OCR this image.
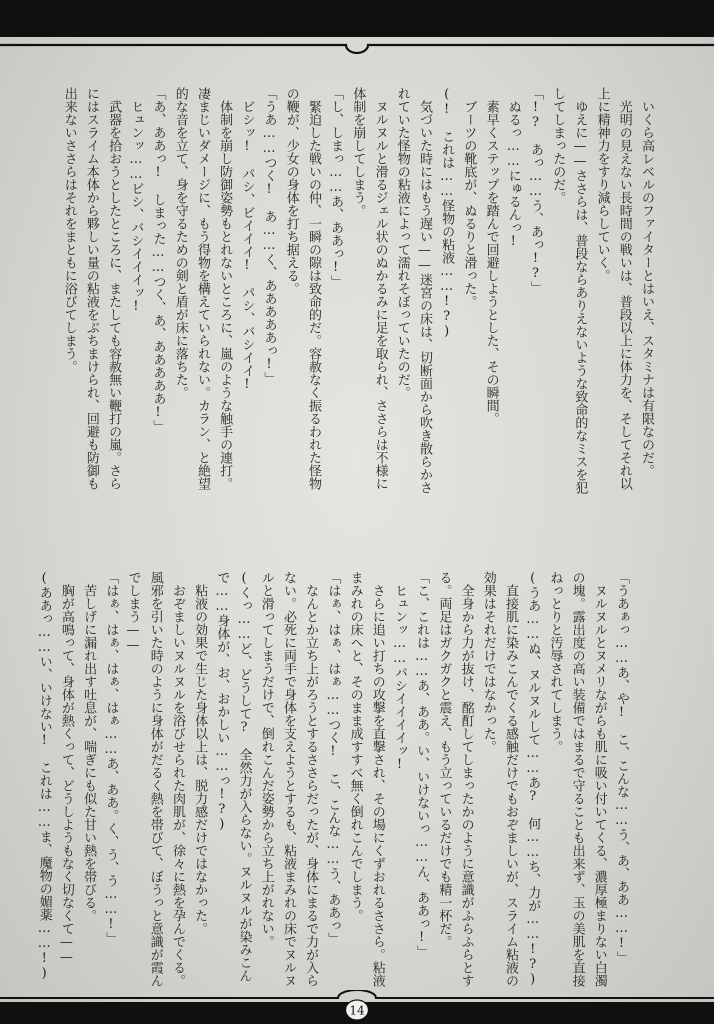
　いくら高レベルのファイターとはいえ、スタミナは有限なのだ。

　光明の見えない長時間の戦いは、普段以上に体力を、そしてそれ以上に精神力をすり減らしていく。

　ゆえに——ささらは、普段ならありえないような致命的なミスを犯してしまったのだ。

「!?　あっ……う、あっ!?」

　ぬるっ……にゅるんっ!

　素早くステップを踏んで回避しようとした、その瞬間。

　ブーツの靴底が、ぬるりと滑った。

(!　これは……怪物の粘液……!?)

　気づいた時にはもう遅い——迷宮の床は、切断面から吹き散らかされていた怪物の粘液によって濡れそぼっていたのだ。

　ヌルヌルと滑るジェル状のぬかるみに足を取られ、ささらは不様に体制を崩してしまう。

「し、しまっ……あ、ああっ!」

　緊迫した戦いの仲、一瞬の隙は致命的だ。容赦なく振るわれた怪物の鞭が、少女の身体を打ち据える。

「うあ……つく!　あ……く、あああああっ!」

　ビシッ!　パシ、ビイイイ!　パシ、バシイイ!

　体制を崩し防御姿勢もとれないところに、嵐のような触手の連打。凄まじいダメージに、もう得物を構えていられない。カラン、と絶望的な音を立て、身を守るための剣と盾が床に落ちた。

「あ、ああっ!　しまった……つく、あ、あああああ!」

　ヒュンッ……ビシ、バシイイイッ!

　武器を拾おうとしたところに、またしても容赦無い鞭打の嵐。さらにはスライム本体から夥しい量の粘液をぶちまけられ、回避も防御も出来ないささらはそれをまともに浴びてしまう。

「うあぁっ……あ、や!　こ、こんな……う、あ、ああ……!」

　ヌルヌルとヌメリながらも肌に吸い付いてくる、濃厚極まりない白濁の塊。露出度の高い装備ではまるで守ることも出来ず、玉の美肌を直接ねっとりと汚辱されてしまう。

(うあ……ぬ、ヌルヌルして……あ?　何……ち、力が……!?)

　直接肌に染みこんでくる感触だけでもおぞましいが、スライム粘液の効果はそれだけではなかった。

　全身から力が抜け、酩酊してしまったかのように意識がふらふらとする。両足はガクガクと震え、もう立っているだけでも精一杯だ。

「こ、これは……あ、ああ。い、いけないっ……ん、ああっ!」

　ヒュンッ……バシイイイイッ!

　さらに追い打ちの攻撃を直撃され、その場にくずおれるささら。粘液まみれの床へと、そのまま成すすべ無く倒れこんでしまう。

「はぁ、はぁ、はぁ……つく!　こ、こんな……う、ああっ」

　なんとか立ち上がろうとするささらだったが、身体にまるで力が入らない。必死に両手で身体を支えようとするも、粘液まみれの床でヌルヌルと滑ってしまうだけで、倒れこんだ姿勢から立ち上がれない。

(くっ……ど、どうして?　全然力が入らない。ヌルヌルが染みこんで……身体が、お、おかしい……っ!?)

　粘液の効果で生じた身体以上は、脱力感だけではなかった。

　おぞましいヌルヌルを浴びせられた肉肌が、徐々に熱を孕んでくる。風邪を引いた時のように身体がだるく熱を帯びて、ぼうっと意識が霞んでしまう——

「はぁ、はぁ、はぁ、はぁ……あ、ああ。く、う、う……!」

　苦しげに漏れ出す吐息が、喘ぎにも似た甘い熱を帯びる。

　胸が高鳴って、身体が熱くって、どうしようもなく切なくて——

(ああっ……い、いけない!　これは……ま、魔物の媚薬……!)

14
